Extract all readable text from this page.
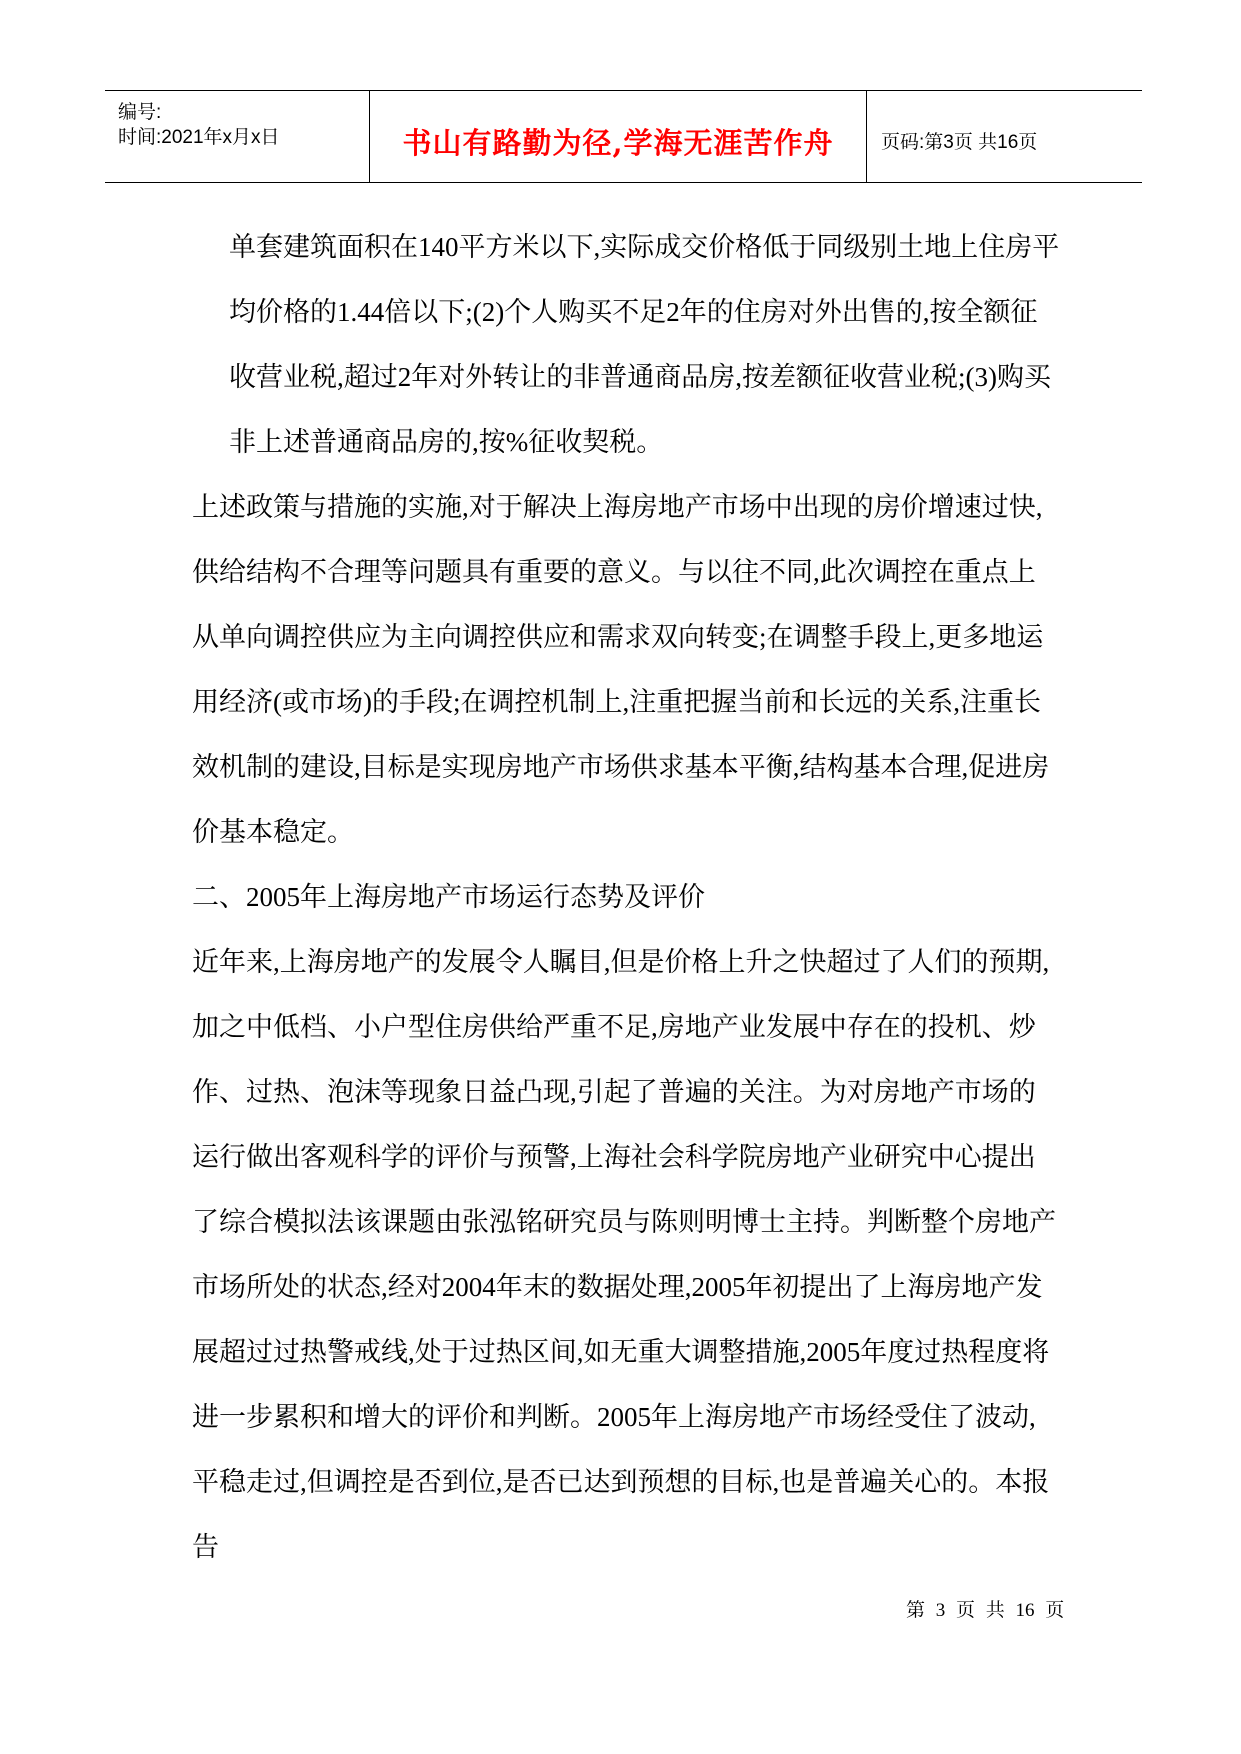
编号:
时间:2021年x月x日	书山有路勤为径,学海无涯苦作舟	页码:第3页 共16页

单套建筑面积在140平方米以下,实际成交价格低于同级别土地上住房平均价格的1.44倍以下;(2)个人购买不足2年的住房对外出售的,按全额征收营业税,超过2年对外转让的非普通商品房,按差额征收营业税;(3)购买非上述普通商品房的,按%征收契税。

上述政策与措施的实施,对于解决上海房地产市场中出现的房价增速过快,供给结构不合理等问题具有重要的意义。与以往不同,此次调控在重点上从单向调控供应为主向调控供应和需求双向转变;在调整手段上,更多地运用经济(或市场)的手段;在调控机制上,注重把握当前和长远的关系,注重长效机制的建设,目标是实现房地产市场供求基本平衡,结构基本合理,促进房价基本稳定。

二、2005年上海房地产市场运行态势及评价

近年来,上海房地产的发展令人瞩目,但是价格上升之快超过了人们的预期,加之中低档、小户型住房供给严重不足,房地产业发展中存在的投机、炒作、过热、泡沫等现象日益凸现,引起了普遍的关注。为对房地产市场的运行做出客观科学的评价与预警,上海社会科学院房地产业研究中心提出了综合模拟法该课题由张泓铭研究员与陈则明博士主持。判断整个房地产市场所处的状态,经对2004年末的数据处理,2005年初提出了上海房地产发展超过过热警戒线,处于过热区间,如无重大调整措施,2005年度过热程度将进一步累积和增大的评价和判断。2005年上海房地产市场经受住了波动,平稳走过,但调控是否到位,是否已达到预想的目标,也是普遍关心的。本报告

第 3 页 共 16 页
